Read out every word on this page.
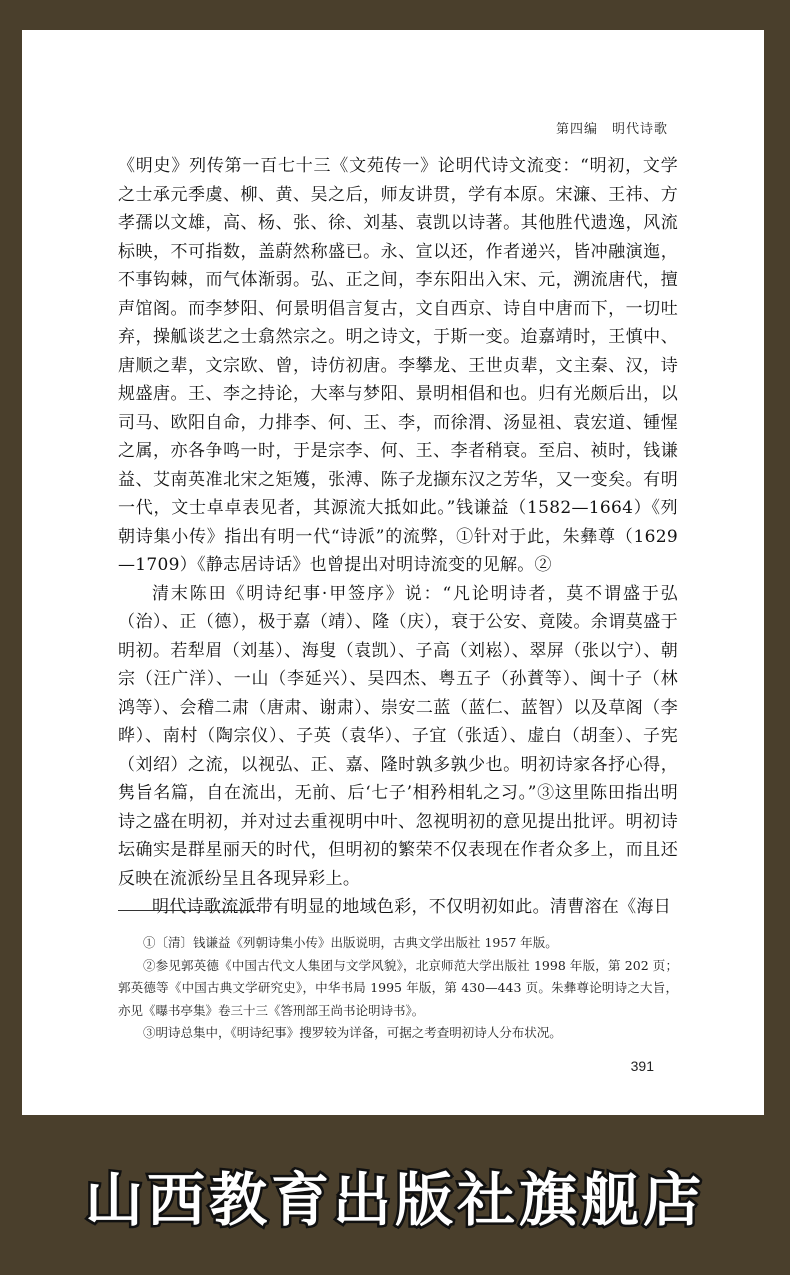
第四编　明代诗歌

《明史》列传第一百七十三《文苑传一》论明代诗文流变：“明初，文学之士承元季虞、柳、黄、吴之后，师友讲贯，学有本原。宋濂、王祎、方孝孺以文雄，高、杨、张、徐、刘基、袁凯以诗著。其他胜代遗逸，风流标映，不可指数，盖蔚然称盛已。永、宣以还，作者递兴，皆冲融演迤，不事钩棘，而气体渐弱。弘、正之间，李东阳出入宋、元，溯流唐代，擅声馆阁。而李梦阳、何景明倡言复古，文自西京、诗自中唐而下，一切吐弃，操觚谈艺之士翕然宗之。明之诗文，于斯一变。迨嘉靖时，王慎中、唐顺之辈，文宗欧、曾，诗仿初唐。李攀龙、王世贞辈，文主秦、汉，诗规盛唐。王、李之持论，大率与梦阳、景明相倡和也。归有光颇后出，以司马、欧阳自命，力排李、何、王、李，而徐渭、汤显祖、袁宏道、锺惺之属，亦各争鸣一时，于是宗李、何、王、李者稍衰。至启、祯时，钱谦益、艾南英准北宋之矩矱，张溥、陈子龙撷东汉之芳华，又一变矣。有明一代，文士卓卓表见者，其源流大抵如此。”钱谦益（1582—1664）《列朝诗集小传》指出有明一代“诗派”的流弊，①针对于此，朱彝尊（1629—1709）《静志居诗话》也曾提出对明诗流变的见解。②

清末陈田《明诗纪事·甲签序》说：“凡论明诗者，莫不谓盛于弘（治）、正（德），极于嘉（靖）、隆（庆），衰于公安、竟陵。余谓莫盛于明初。若犁眉（刘基）、海叟（袁凯）、子高（刘崧）、翠屏（张以宁）、朝宗（汪广洋）、一山（李延兴）、吴四杰、粤五子（孙蕡等）、闽十子（林鸿等）、会稽二肃（唐肃、谢肃）、崇安二蓝（蓝仁、蓝智）以及草阁（李晔）、南村（陶宗仪）、子英（袁华）、子宜（张适）、虚白（胡奎）、子宪（刘绍）之流，以视弘、正、嘉、隆时孰多孰少也。明初诗家各抒心得，隽旨名篇，自在流出，无前、后‘七子’相矜相轧之习。”③这里陈田指出明诗之盛在明初，并对过去重视明中叶、忽视明初的意见提出批评。明初诗坛确实是群星丽天的时代，但明初的繁荣不仅表现在作者众多上，而且还反映在流派纷呈且各现异彩上。

明代诗歌流派带有明显的地域色彩，不仅明初如此。清曹溶在《海日

①〔清〕钱谦益《列朝诗集小传》出版说明，古典文学出版社 1957 年版。

②参见郭英德《中国古代文人集团与文学风貌》，北京师范大学出版社 1998 年版，第 202 页；郭英德等《中国古典文学研究史》，中华书局 1995 年版，第 430—443 页。朱彝尊论明诗之大旨，亦见《曝书亭集》卷三十三《答刑部王尚书论明诗书》。

③明诗总集中，《明诗纪事》搜罗较为详备，可据之考查明初诗人分布状况。

391
山西教育出版社旗舰店
